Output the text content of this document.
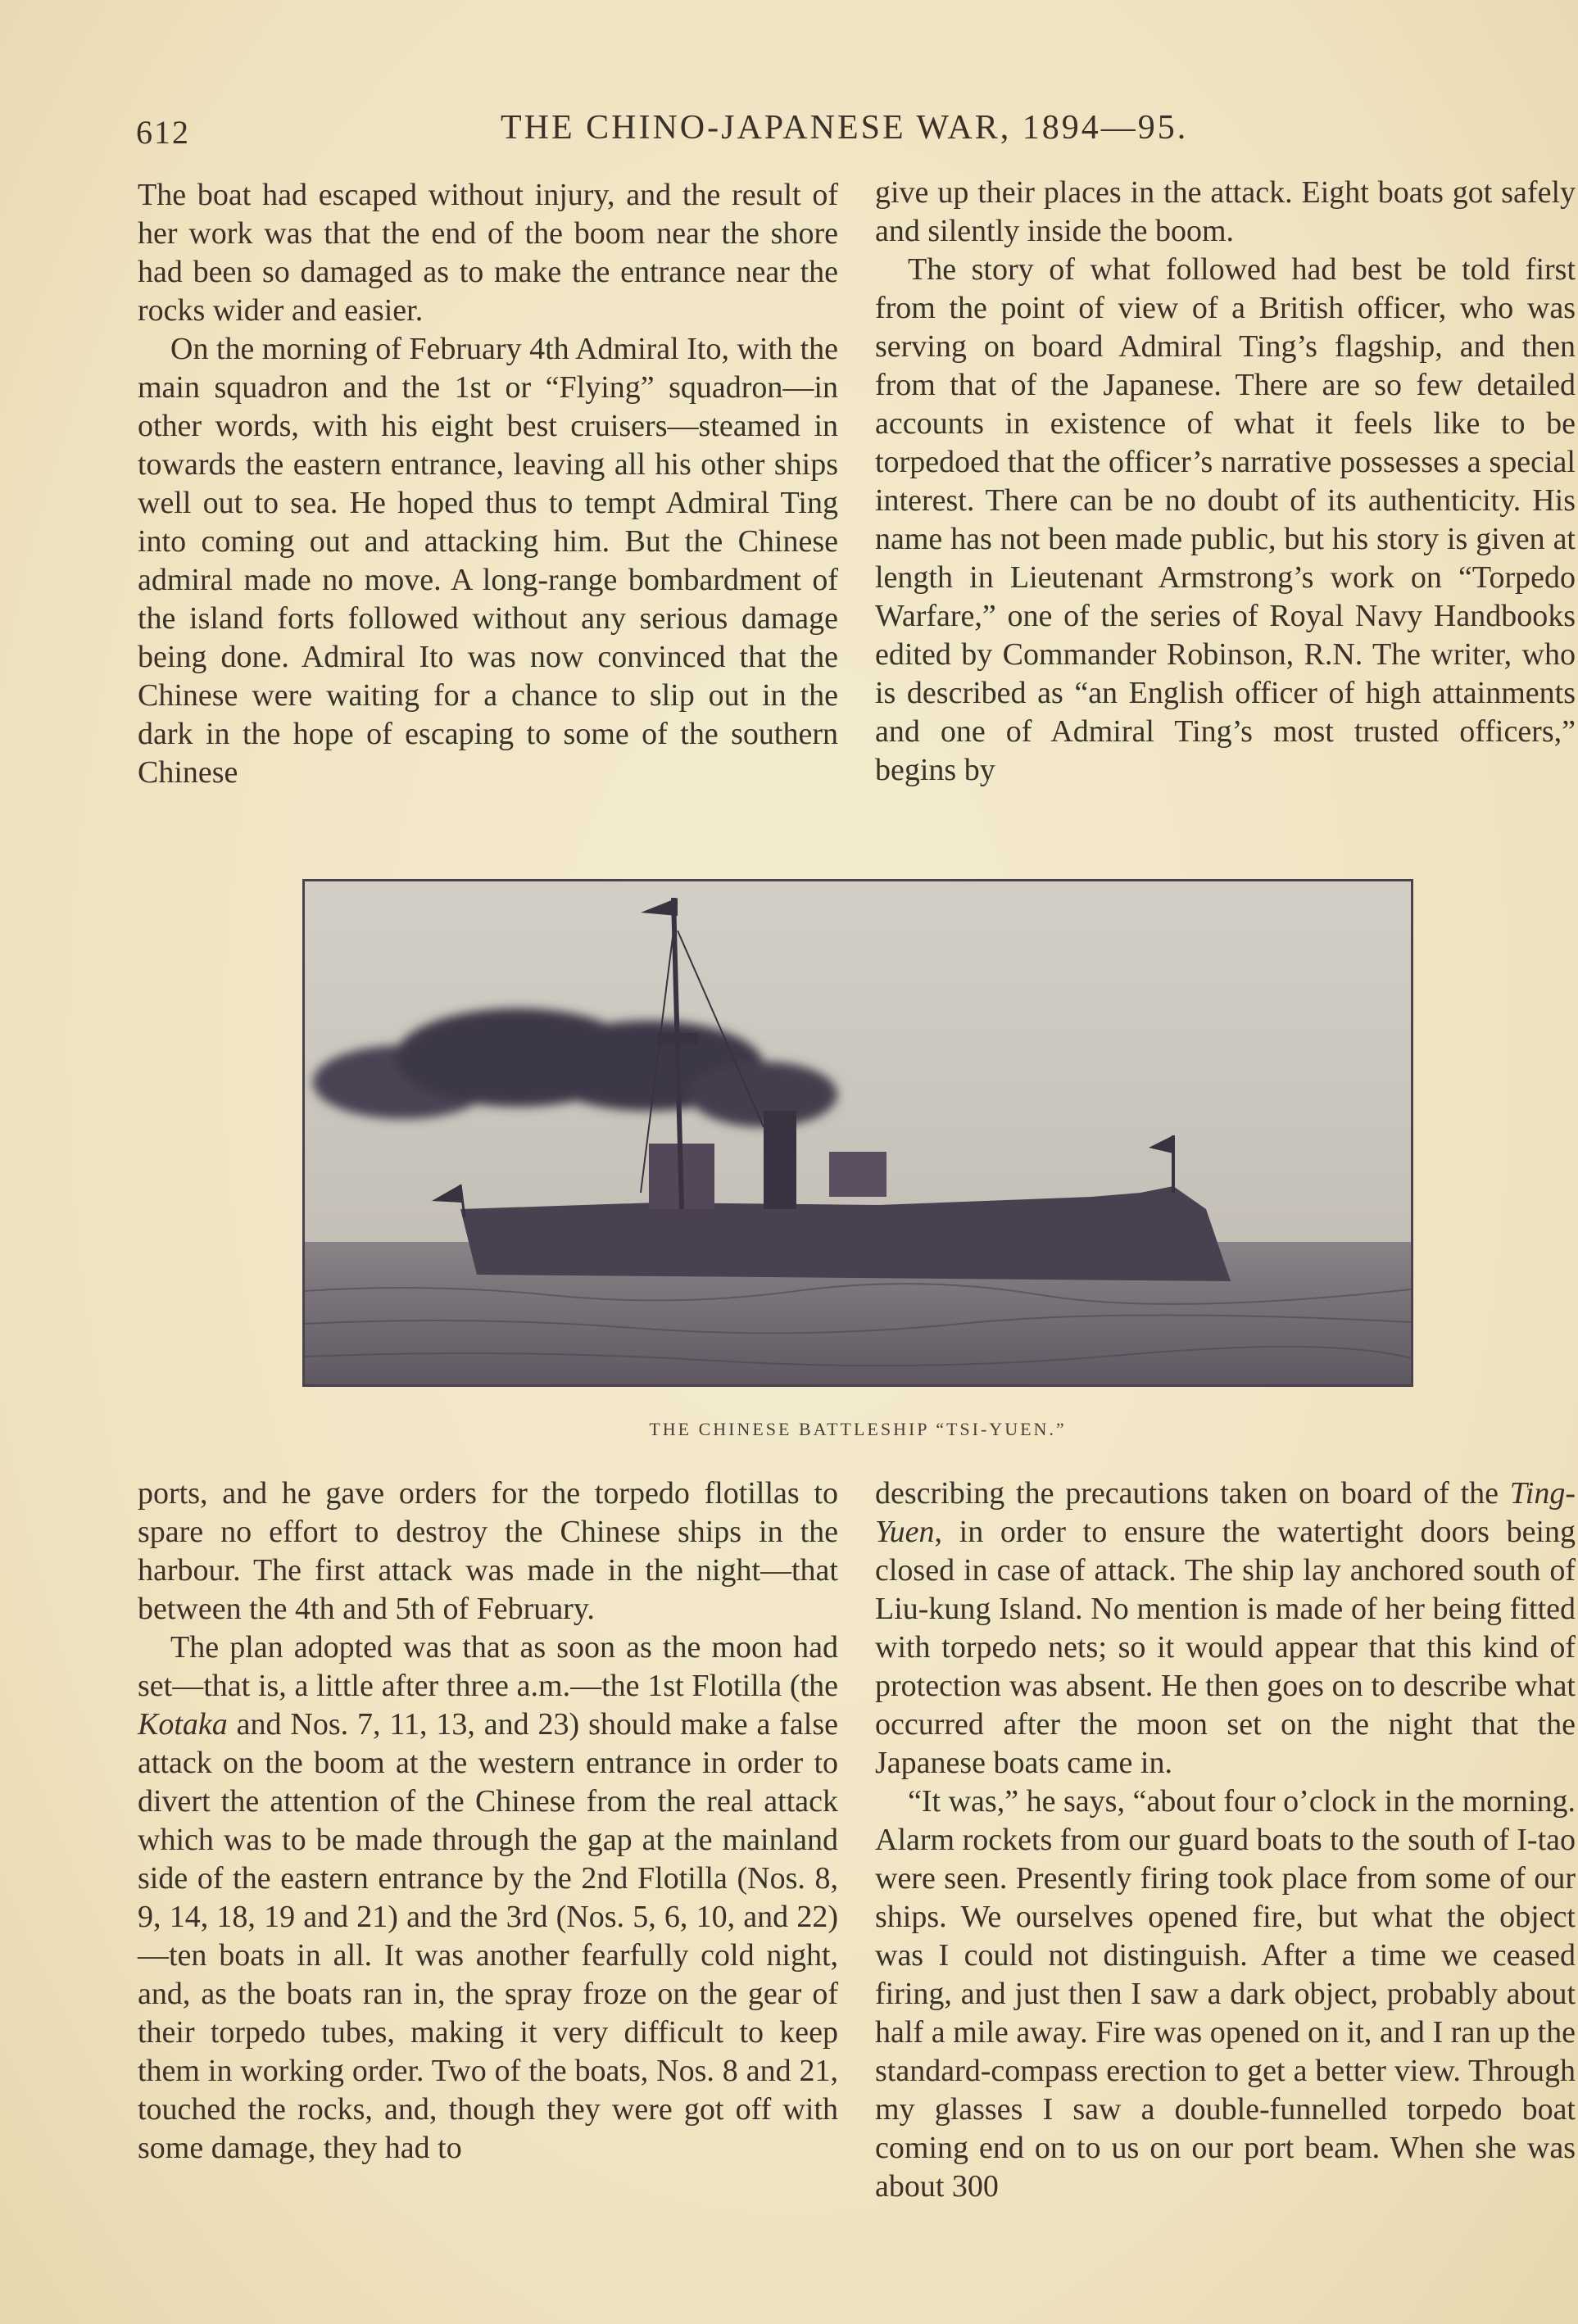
612	THE CHINO-JAPANESE WAR, 1894—95.

The boat had escaped without injury, and the result of her work was that the end of the boom near the shore had been so damaged as to make the entrance near the rocks wider and easier.

On the morning of February 4th Admiral Ito, with the main squadron and the 1st or “Flying” squadron—in other words, with his eight best cruisers—steamed in towards the eastern entrance, leaving all his other ships well out to sea. He hoped thus to tempt Admiral Ting into coming out and attacking him. But the Chinese admiral made no move. A long-range bombardment of the island forts followed without any serious damage being done. Admiral Ito was now convinced that the Chinese were waiting for a chance to slip out in the dark in the hope of escaping to some of the southern Chinese

give up their places in the attack. Eight boats got safely and silently inside the boom.

The story of what followed had best be told first from the point of view of a British officer, who was serving on board Admiral Ting’s flagship, and then from that of the Japanese. There are so few detailed accounts in existence of what it feels like to be torpedoed that the officer’s narrative possesses a special interest. There can be no doubt of its authenticity. His name has not been made public, but his story is given at length in Lieutenant Armstrong’s work on “Torpedo Warfare,” one of the series of Royal Navy Handbooks edited by Commander Robinson, R.N. The writer, who is described as “an English officer of high attainments and one of Admiral Ting’s most trusted officers,” begins by

THE CHINESE BATTLESHIP “TSI-YUEN.”

ports, and he gave orders for the torpedo flotillas to spare no effort to destroy the Chinese ships in the harbour. The first attack was made in the night—that between the 4th and 5th of February.

The plan adopted was that as soon as the moon had set—that is, a little after three a.m.—the 1st Flotilla (the Kotaka and Nos. 7, 11, 13, and 23) should make a false attack on the boom at the western entrance in order to divert the attention of the Chinese from the real attack which was to be made through the gap at the mainland side of the eastern entrance by the 2nd Flotilla (Nos. 8, 9, 14, 18, 19 and 21) and the 3rd (Nos. 5, 6, 10, and 22)—ten boats in all. It was another fearfully cold night, and, as the boats ran in, the spray froze on the gear of their torpedo tubes, making it very difficult to keep them in working order. Two of the boats, Nos. 8 and 21, touched the rocks, and, though they were got off with some damage, they had to

describing the precautions taken on board of the Ting-Yuen, in order to ensure the watertight doors being closed in case of attack. The ship lay anchored south of Liu-kung Island. No mention is made of her being fitted with torpedo nets; so it would appear that this kind of protection was absent. He then goes on to describe what occurred after the moon set on the night that the Japanese boats came in.

“It was,” he says, “about four o’clock in the morning. Alarm rockets from our guard boats to the south of I-tao were seen. Presently firing took place from some of our ships. We ourselves opened fire, but what the object was I could not distinguish. After a time we ceased firing, and just then I saw a dark object, probably about half a mile away. Fire was opened on it, and I ran up the standard-compass erection to get a better view. Through my glasses I saw a double-funnelled torpedo boat coming end on to us on our port beam. When she was about 300
